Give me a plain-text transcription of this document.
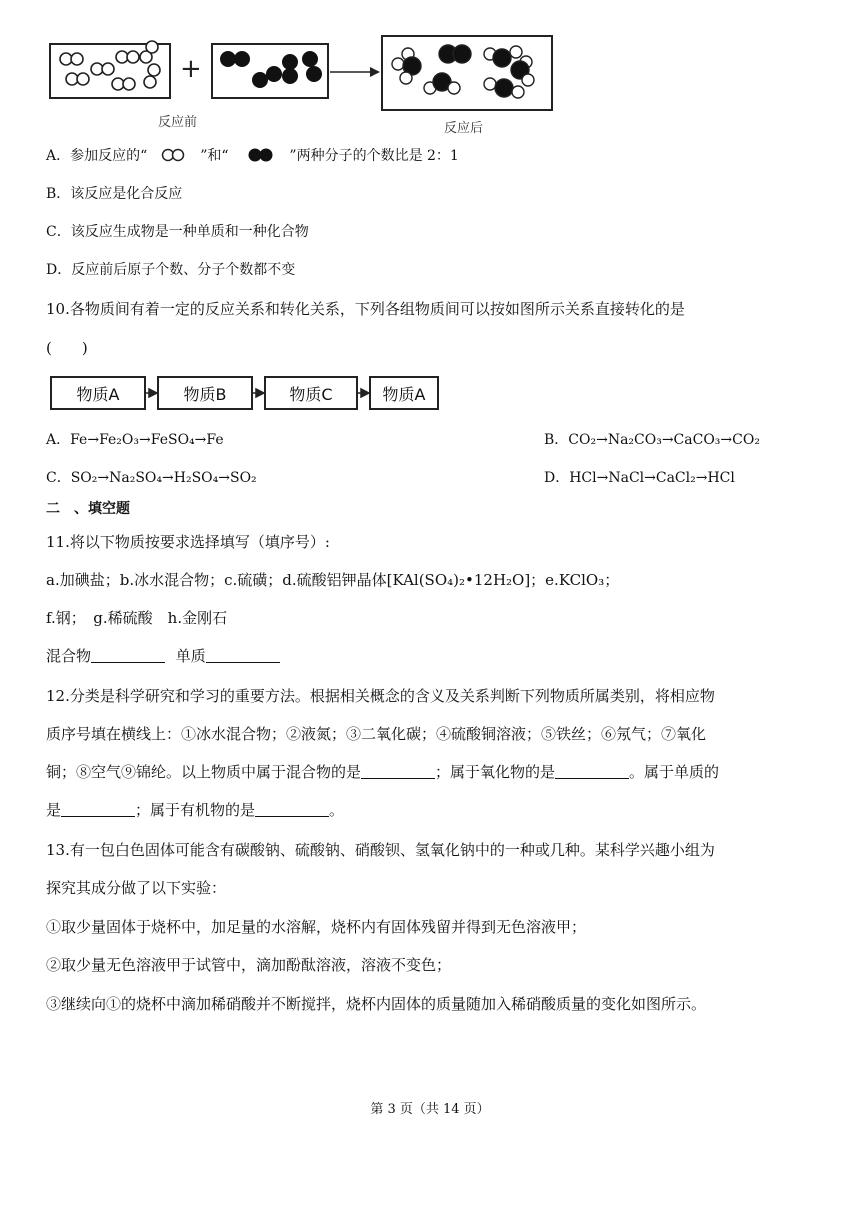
+
反应前	反应后
A．参加反应的“	”和“	”两种分子的个数比是 2：1
B．该反应是化合反应
C．该反应生成物是一种单质和一种化合物
D．反应前后原子个数、分子个数都不变
10.各物质间有着一定的反应关系和转化关系，下列各组物质间可以按如图所示关系直接转化的是
(　　)
物质A	物质B	物质C	物质A
A．Fe→Fe₂O₃→FeSO₄→Fe	B．CO₂→Na₂CO₃→CaCO₃→CO₂
C．SO₂→Na₂SO₄→H₂SO₄→SO₂	D．HCl→NaCl→CaCl₂→HCl
二　、填空题
11.将以下物质按要求选择填写（填序号）:
a.加碘盐；b.冰水混合物；c.硫磺；d.硫酸铝钾晶体[KAl(SO₄)₂•12H₂O]；e.KClO₃；
f.钢；　g.稀硫酸　h.金刚石
混合物	单质
12.分类是科学研究和学习的重要方法。根据相关概念的含义及关系判断下列物质所属类别，将相应物
质序号填在横线上：①冰水混合物；②液氮；③二氧化碳；④硫酸铜溶液；⑤铁丝；⑥氖气；⑦氧化
铜；⑧空气⑨锦纶。以上物质中属于混合物的是	；属于氧化物的是	。属于单质的
是	；属于有机物的是	。
13.有一包白色固体可能含有碳酸钠、硫酸钠、硝酸钡、氢氧化钠中的一种或几种。某科学兴趣小组为
探究其成分做了以下实验：
①取少量固体于烧杯中，加足量的水溶解，烧杯内有固体残留并得到无色溶液甲；
②取少量无色溶液甲于试管中，滴加酚酞溶液，溶液不变色；
③继续向①的烧杯中滴加稀硝酸并不断搅拌，烧杯内固体的质量随加入稀硝酸质量的变化如图所示。
第 3 页（共 14 页）
